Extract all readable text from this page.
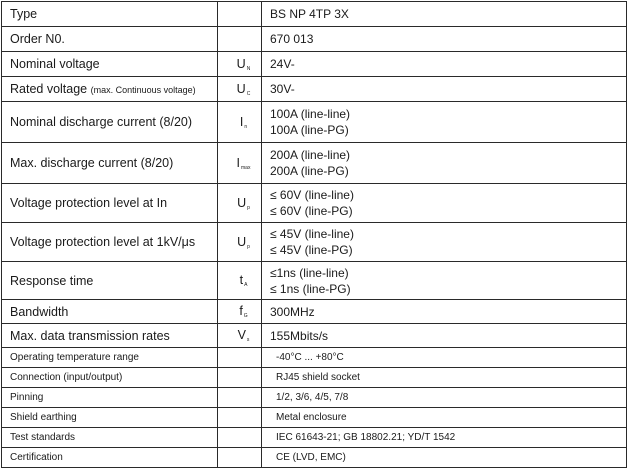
Type		BS NP 4TP 3X

Order N0.		670 013

Nominal voltage	$U_N$	24V-

Rated voltage (max. Continuous voltage)	$U_C$	30V-

Nominal discharge current (8/20)	$I_n$	100A (line-line)
100A (line-PG)

Max. discharge current (8/20)	$I_{max}$	200A (line-line)
200A (line-PG)

Voltage protection level at In	$U_p$	≤ 60V (line-line)
≤ 60V (line-PG)

Voltage protection level at 1kV/μs	$U_p$	≤ 45V (line-line)
≤ 45V (line-PG)

Response time	$t_A$	≤1ns (line-line)
≤ 1ns (line-PG)

Bandwidth	$f_G$	300MHz

Max. data transmission rates	$V_s$	155Mbits/s

Operating temperature range		-40°C ... +80°C

Connection (input/output)		RJ45 shield socket

Pinning		1/2, 3/6, 4/5, 7/8

Shield earthing		Metal enclosure

Test standards		IEC 61643-21; GB 18802.21; YD/T 1542

Certification		CE (LVD, EMC)
